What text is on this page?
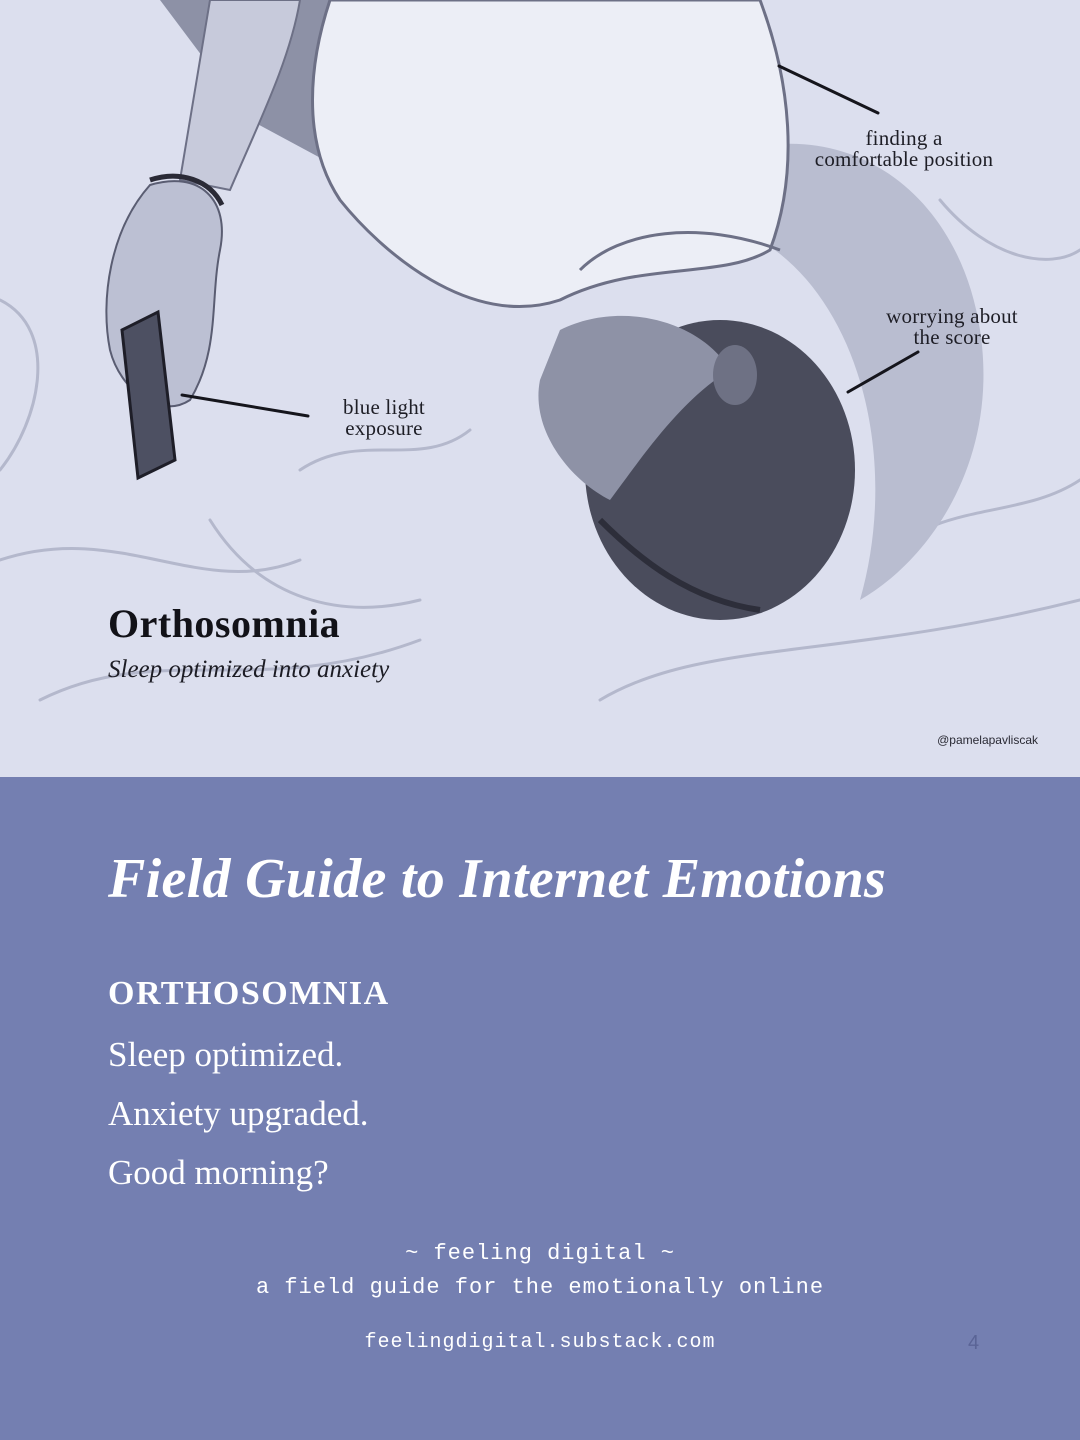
finding a
comfortable position
worrying about
the score
blue light
exposure
Orthosomnia

Sleep optimized into anxiety

@pamelapavliscak
Field Guide to Internet Emotions
ORTHOSOMNIA

Sleep optimized.

Anxiety upgraded.

Good morning?

~ feeling digital ~
a field guide for the emotionally online
feelingdigital.substack.com	4
